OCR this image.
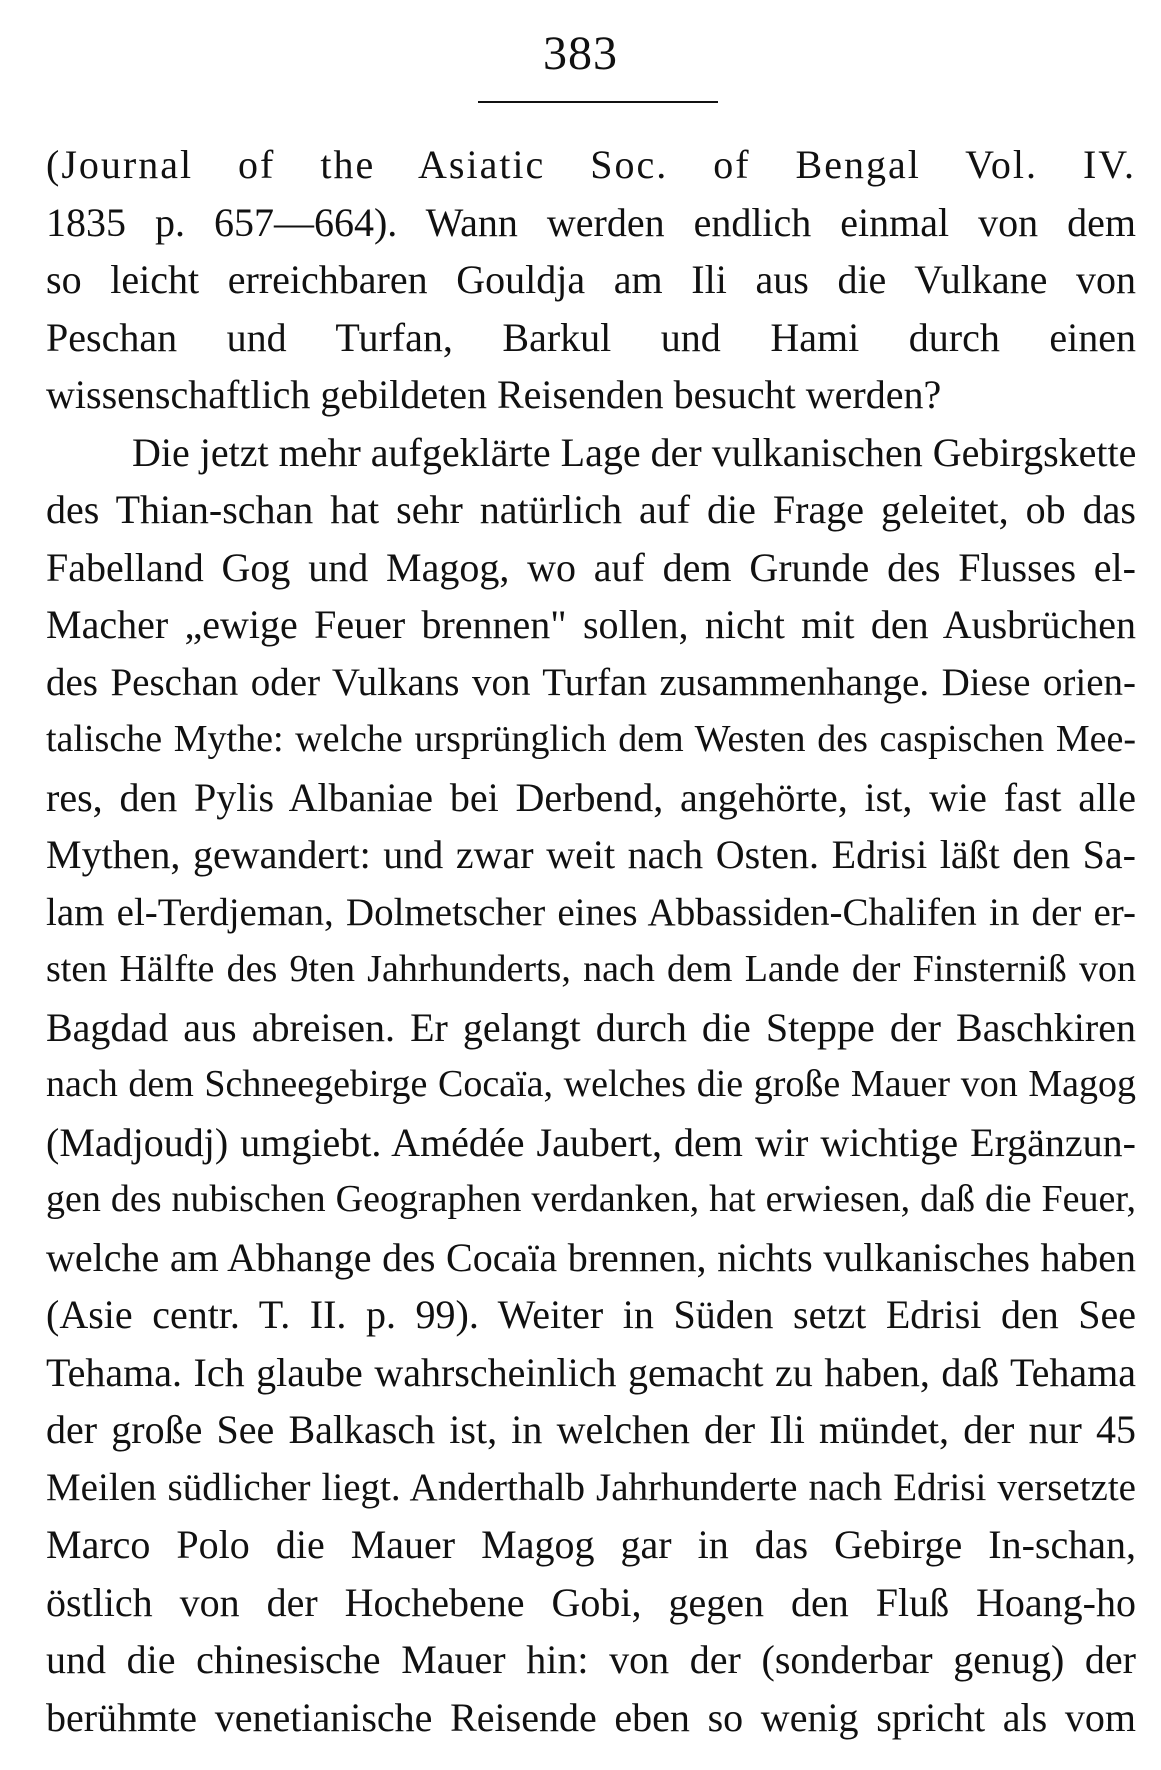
383
(Journal of the Asiatic Soc. of Bengal Vol. IV.
1835 p. 657—664). Wann werden endlich einmal von dem
so leicht erreichbaren Gouldja am Ili aus die Vulkane von
Peschan und Turfan, Barkul und Hami durch einen
wissenschaftlich gebildeten Reisenden besucht werden?
Die jetzt mehr aufgeklärte Lage der vulkanischen Gebirgskette
des Thian-schan hat sehr natürlich auf die Frage geleitet, ob das
Fabelland Gog und Magog, wo auf dem Grunde des Flusses el-
Macher „ewige Feuer brennen" sollen, nicht mit den Ausbrüchen
des Peschan oder Vulkans von Turfan zusammenhange. Diese orien-
talische Mythe: welche ursprünglich dem Westen des caspischen Mee-
res, den Pylis Albaniae bei Derbend, angehörte, ist, wie fast alle
Mythen, gewandert: und zwar weit nach Osten. Edrisi läßt den Sa-
lam el-Terdjeman, Dolmetscher eines Abbassiden-Chalifen in der er-
sten Hälfte des 9ten Jahrhunderts, nach dem Lande der Finsterniß von
Bagdad aus abreisen. Er gelangt durch die Steppe der Baschkiren
nach dem Schneegebirge Cocaïa, welches die große Mauer von Magog
(Madjoudj) umgiebt. Amédée Jaubert, dem wir wichtige Ergänzun-
gen des nubischen Geographen verdanken, hat erwiesen, daß die Feuer,
welche am Abhange des Cocaïa brennen, nichts vulkanisches haben
(Asie centr. T. II. p. 99). Weiter in Süden setzt Edrisi den See
Tehama. Ich glaube wahrscheinlich gemacht zu haben, daß Tehama
der große See Balkasch ist, in welchen der Ili mündet, der nur 45
Meilen südlicher liegt. Anderthalb Jahrhunderte nach Edrisi versetzte
Marco Polo die Mauer Magog gar in das Gebirge In-schan,
östlich von der Hochebene Gobi, gegen den Fluß Hoang-ho
und die chinesische Mauer hin: von der (sonderbar genug) der
berühmte venetianische Reisende eben so wenig spricht als vom
